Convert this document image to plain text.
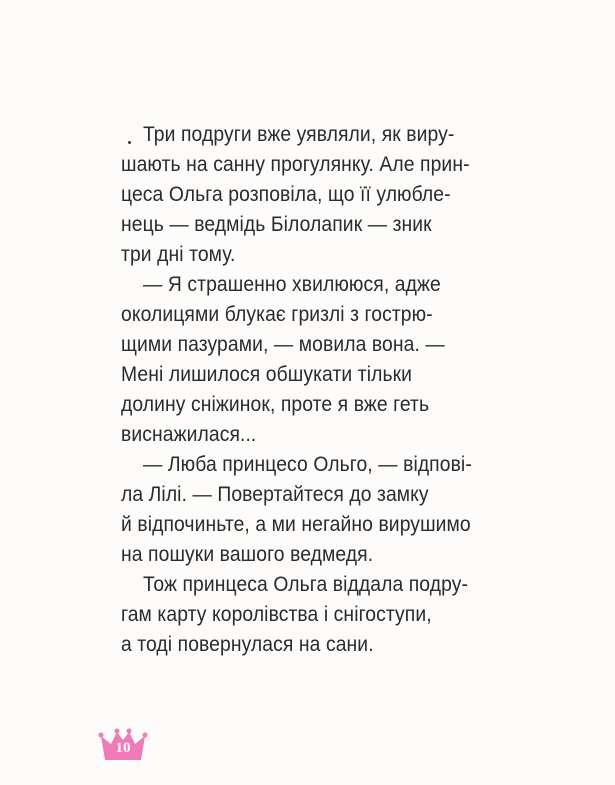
Три подруги вже уявляли, як виру-
шають на санну прогулянку. Але прин-
цеса Ольга розповіла, що її улюбле-
нець — ведмідь Білолапик — зник
три дні тому.
— Я страшенно хвилююся, адже
околицями блукає гризлі з гострю-
щими пазурами, — мовила вона. —
Мені лишилося обшукати тільки
долину сніжинок, проте я вже геть
виснажилася...
— Люба принцесо Ольго, — відпові-
ла Лілі. — Повертайтеся до замку
й відпочиньте, а ми негайно вирушимо
на пошуки вашого ведмедя.
Тож принцеса Ольга віддала подру-
гам карту королівства і снігоступи,
а тоді повернулася на сани.
10
